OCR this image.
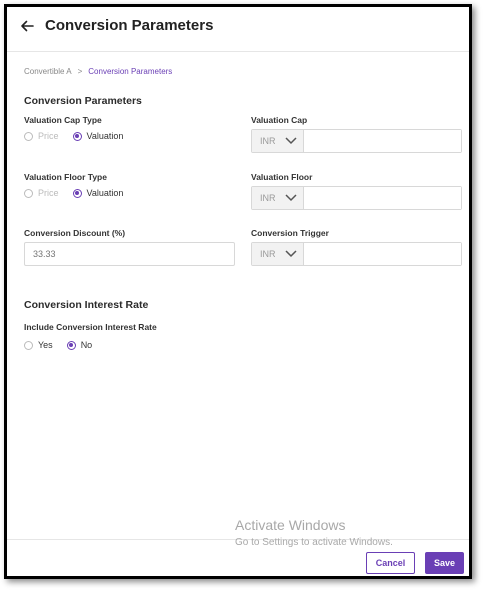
Conversion Parameters
Convertible A > Conversion Parameters
Conversion Parameters
Valuation Cap Type
Price	Valuation
Valuation Cap
INR
Valuation Floor Type
Price	Valuation
Valuation Floor
INR
Conversion Discount (%)
33.33	Conversion Trigger
INR
Conversion Interest Rate
Include Conversion Interest Rate
Yes	No
Activate Windows
Go to Settings to activate Windows.
Cancel	Save
